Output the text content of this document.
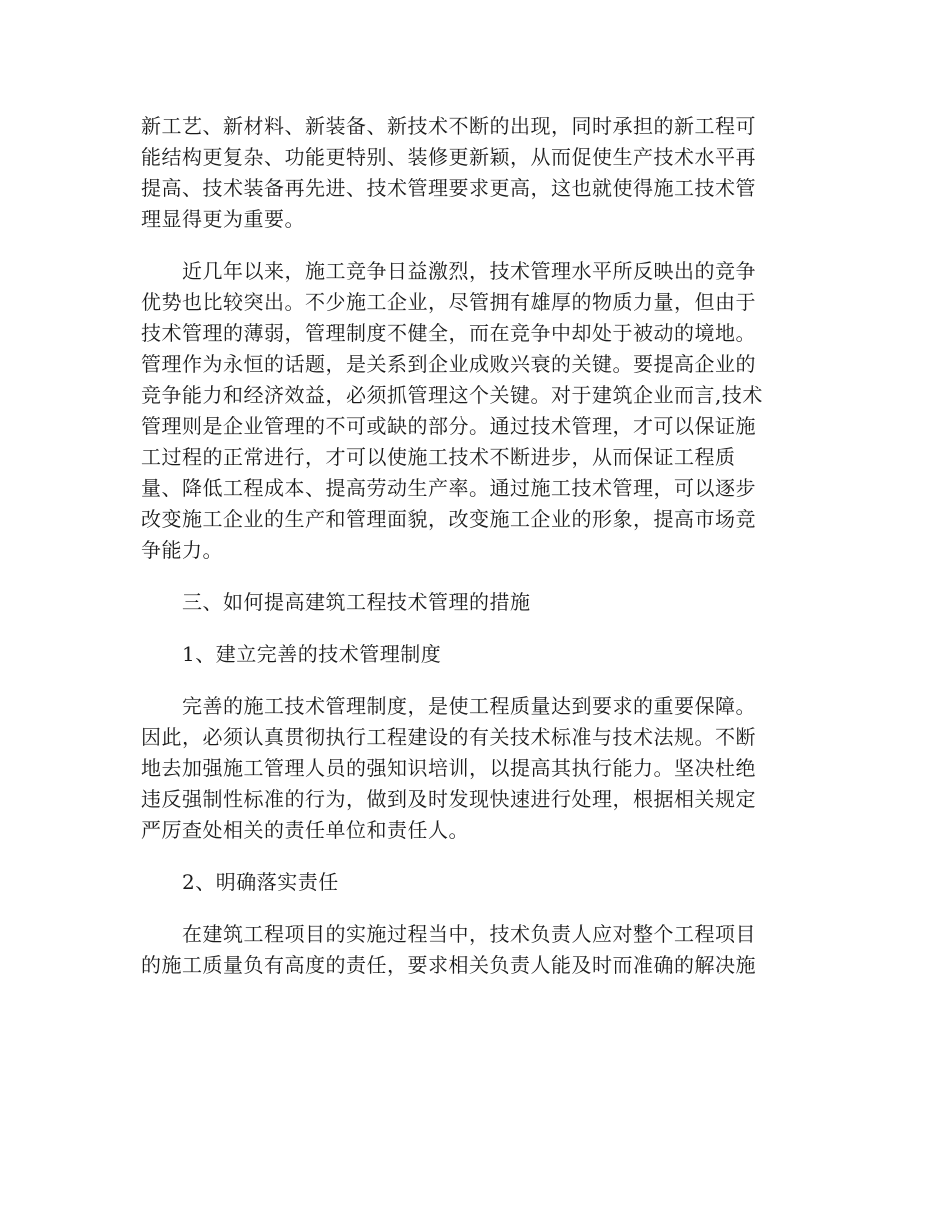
新工艺、新材料、新装备、新技术不断的出现，同时承担的新工程可
能结构更复杂、功能更特别、装修更新颖，从而促使生产技术水平再
提高、技术装备再先进、技术管理要求更高，这也就使得施工技术管
理显得更为重要。
　　近几年以来，施工竞争日益激烈，技术管理水平所反映出的竞争
优势也比较突出。不少施工企业，尽管拥有雄厚的物质力量，但由于
技术管理的薄弱，管理制度不健全，而在竞争中却处于被动的境地。
管理作为永恒的话题，是关系到企业成败兴衰的关键。要提高企业的
竞争能力和经济效益，必须抓管理这个关键。对于建筑企业而言,技术
管理则是企业管理的不可或缺的部分。通过技术管理，才可以保证施
工过程的正常进行，才可以使施工技术不断进步，从而保证工程质
量、降低工程成本、提高劳动生产率。通过施工技术管理，可以逐步
改变施工企业的生产和管理面貌，改变施工企业的形象，提高市场竞
争能力。
　　三、如何提高建筑工程技术管理的措施
　　1、建立完善的技术管理制度
　　完善的施工技术管理制度，是使工程质量达到要求的重要保障。
因此，必须认真贯彻执行工程建设的有关技术标准与技术法规。不断
地去加强施工管理人员的强知识培训，以提高其执行能力。坚决杜绝
违反强制性标准的行为，做到及时发现快速进行处理，根据相关规定
严厉查处相关的责任单位和责任人。
　　2、明确落实责任
　　在建筑工程项目的实施过程当中，技术负责人应对整个工程项目
的施工质量负有高度的责任，要求相关负责人能及时而准确的解决施
